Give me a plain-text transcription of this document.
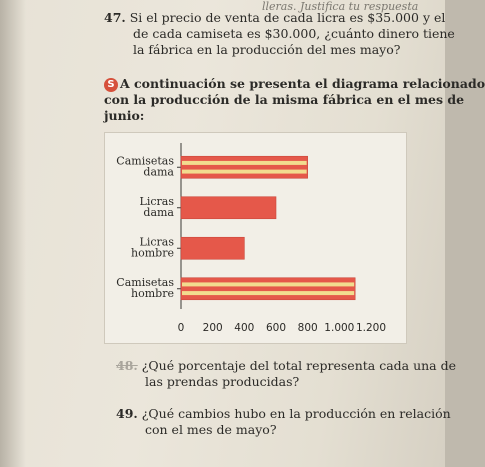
lleras. Justifica tu respuesta
47. Si el precio de venta de cada licra es $35.000 y el
de cada camiseta es $30.000, ¿cuánto dinero tiene
la fábrica en la producción del mes mayo?
S A continuación se presenta el diagrama relacionado
con la producción de la misma fábrica en el mes de
junio:
Camisetas
dama
Licras
dama
Licras
hombre
Camisetas
hombre
0 200 400 600 800 1.000 1.200
48. ¿Qué porcentaje del total representa cada una de
las prendas producidas?
49. ¿Qué cambios hubo en la producción en relación
con el mes de mayo?
